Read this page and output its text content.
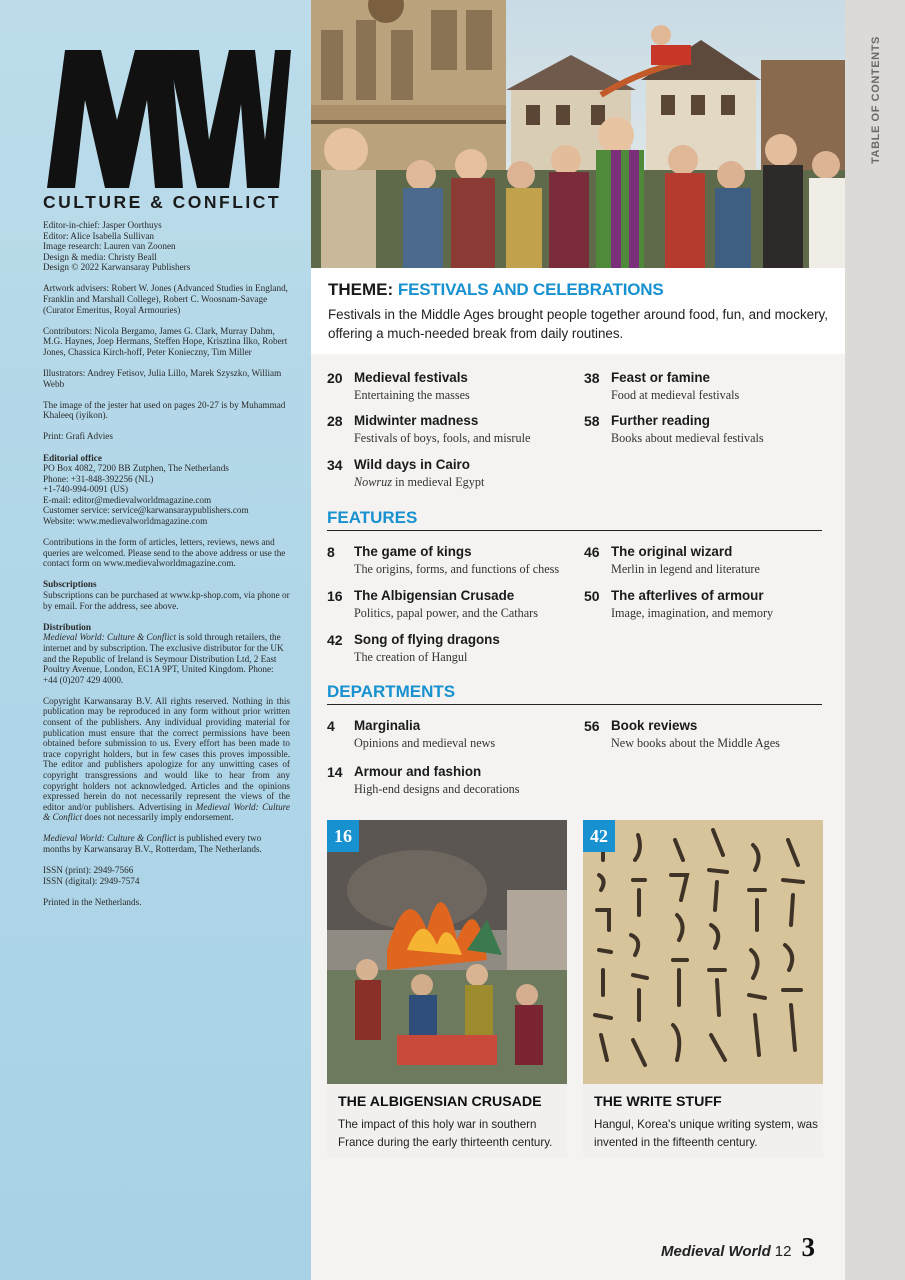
CULTURE & CONFLICT

Editor-in-chief: Jasper Oorthuys
Editor: Alice Isabella Sullivan
Image research: Lauren van Zoonen
Design & media: Christy Beall
Design © 2022 Karwansaray Publishers

Artwork advisers: Robert W. Jones (Advanced Studies in England, Franklin and Marshall College), Robert C. Woosnam-Savage (Curator Emeritus, Royal Armouries)

Contributors: Nicola Bergamo, James G. Clark, Murray Dahm, M.G. Haynes, Joep Hermans, Steffen Hope, Krisztina Ilko, Robert Jones, Chassica Kirch-hoff, Peter Konieczny, Tim Miller

Illustrators: Andrey Fetisov, Julia Lillo, Marek Szyszko, William Webb

The image of the jester hat used on pages 20-27 is by Muhammad Khaleeq (iyikon).

Print: Grafi Advies

Editorial office
PO Box 4082, 7200 BB Zutphen, The Netherlands
Phone: +31-848-392256 (NL)
+1-740-994-0091 (US)
E-mail: editor@medievalworldmagazine.com
Customer service: service@karwansaraypublishers.com
Website: www.medievalworldmagazine.com

Contributions in the form of articles, letters, reviews, news and queries are welcomed. Please send to the above address or use the contact form on www.medievalworldmagazine.com.

Subscriptions
Subscriptions can be purchased at www.kp-shop.com, via phone or by email. For the address, see above.

Distribution
Medieval World: Culture & Conflict is sold through retailers, the internet and by subscription. The exclusive distributor for the UK and the Republic of Ireland is Seymour Distribution Ltd, 2 East Poultry Avenue, London, EC1A 9PT, United Kingdom. Phone: +44 (0)207 429 4000.

Copyright Karwansaray B.V. All rights reserved. Nothing in this publication may be reproduced in any form without prior written consent of the publishers. Any individual providing material for publication must ensure that the correct permissions have been obtained before submission to us. Every effort has been made to trace copyright holders, but in few cases this proves impossible. The editor and publishers apologize for any unwitting cases of copyright transgressions and would like to hear from any copyright holders not acknowledged. Articles and the opinions expressed herein do not necessarily represent the views of the editor and/or publishers. Advertising in Medieval World: Culture & Conflict does not necessarily imply endorsement.

Medieval World: Culture & Conflict is published every two months by Karwansaray B.V., Rotterdam, The Netherlands.

ISSN (print): 2949-7566
ISSN (digital): 2949-7574

Printed in the Netherlands.

THEME: FESTIVALS AND CELEBRATIONS
Festivals in the Middle Ages brought people together around food, fun, and mockery, offering a much-needed break from daily routines.
TABLE OF CONTENTS
20 Medieval festivals
Entertaining the masses
28 Midwinter madness
Festivals of boys, fools, and misrule
34 Wild days in Cairo
Nowruz in medieval Egypt
38 Feast or famine
Food at medieval festivals
58 Further reading
Books about medieval festivals
FEATURES
8 The game of kings
The origins, forms, and functions of chess
16 The Albigensian Crusade
Politics, papal power, and the Cathars
42 Song of flying dragons
The creation of Hangul
46 The original wizard
Merlin in legend and literature
50 The afterlives of armour
Image, imagination, and memory
DEPARTMENTS
4 Marginalia
Opinions and medieval news
14 Armour and fashion
High-end designs and decorations
56 Book reviews
New books about the Middle Ages
16
THE ALBIGENSIAN CRUSADE
The impact of this holy war in southern France during the early thirteenth century.
42
THE WRITE STUFF
Hangul, Korea's unique writing system, was invented in the fifteenth century.
Medieval World 12 3
